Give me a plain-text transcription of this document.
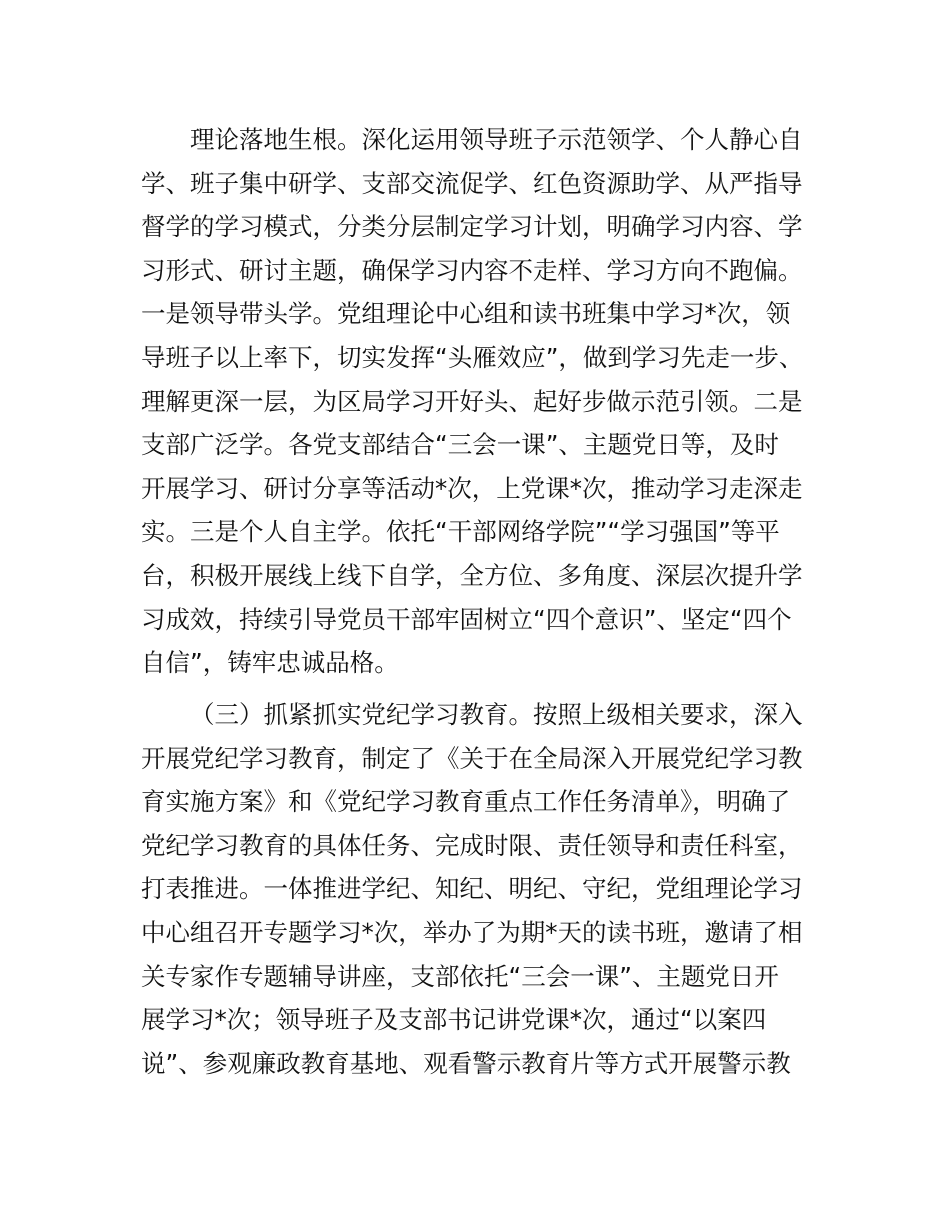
理论落地生根。深化运用领导班子示范领学、个人静心自
学、班子集中研学、支部交流促学、红色资源助学、从严指导
督学的学习模式，分类分层制定学习计划，明确学习内容、学
习形式、研讨主题，确保学习内容不走样、学习方向不跑偏。
一是领导带头学。党组理论中心组和读书班集中学习*次，领
导班子以上率下，切实发挥“头雁效应”，做到学习先走一步、
理解更深一层，为区局学习开好头、起好步做示范引领。二是
支部广泛学。各党支部结合“三会一课”、主题党日等，及时
开展学习、研讨分享等活动*次，上党课*次，推动学习走深走
实。三是个人自主学。依托“干部网络学院”“学习强国”等平
台，积极开展线上线下自学，全方位、多角度、深层次提升学
习成效，持续引导党员干部牢固树立“四个意识”、坚定“四个
自信”，铸牢忠诚品格。
（三）抓紧抓实党纪学习教育。按照上级相关要求，深入
开展党纪学习教育，制定了《关于在全局深入开展党纪学习教
育实施方案》和《党纪学习教育重点工作任务清单》，明确了
党纪学习教育的具体任务、完成时限、责任领导和责任科室，
打表推进。一体推进学纪、知纪、明纪、守纪，党组理论学习
中心组召开专题学习*次，举办了为期*天的读书班，邀请了相
关专家作专题辅导讲座，支部依托“三会一课”、主题党日开
展学习*次；领导班子及支部书记讲党课*次，通过“以案四
说”、参观廉政教育基地、观看警示教育片等方式开展警示教
